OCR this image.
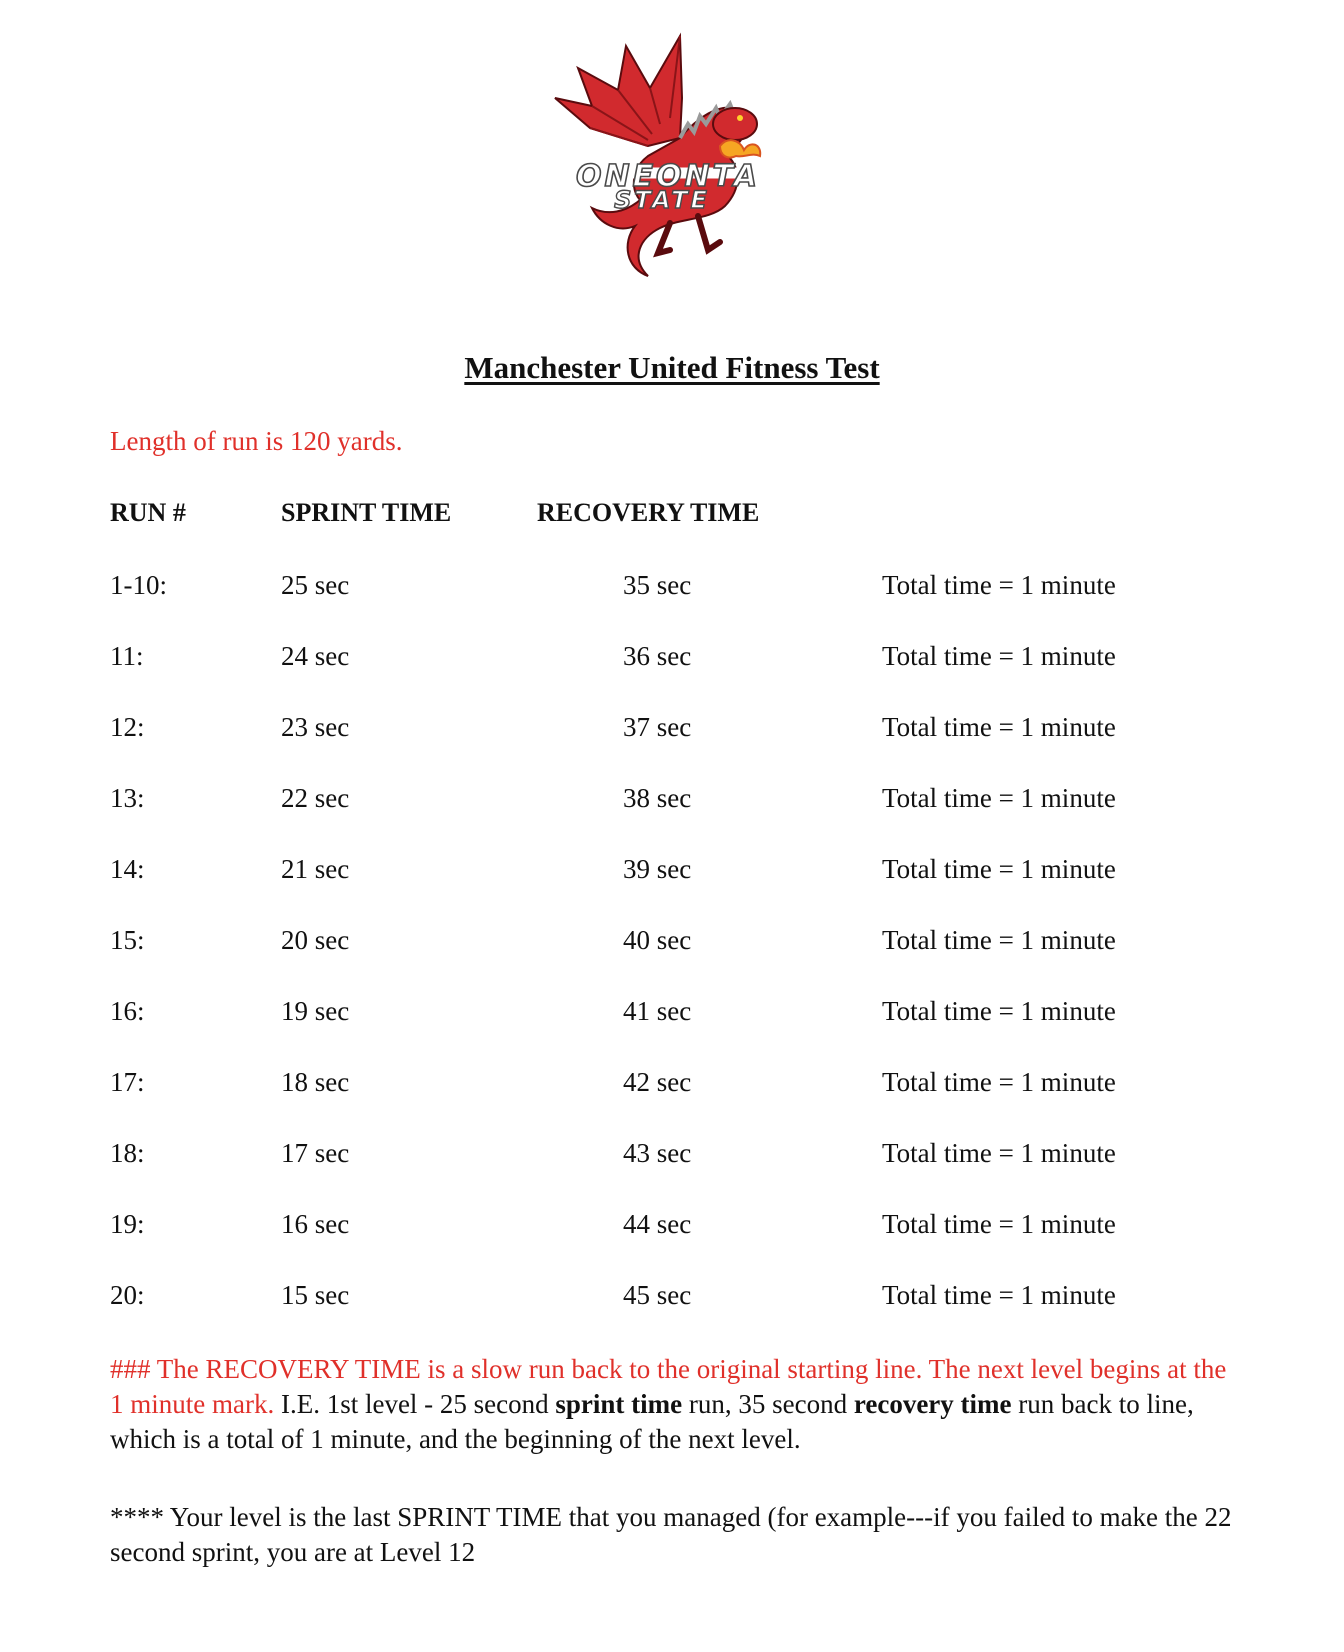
ONEONTA
STATE
Manchester United Fitness Test
Length of run is 120 yards.
RUN #	SPRINT TIME	RECOVERY TIME
1-10:	25 sec	35 sec	Total time = 1 minute
11:	24 sec	36 sec	Total time = 1 minute
12:	23 sec	37 sec	Total time = 1 minute
13:	22 sec	38 sec	Total time = 1 minute
14:	21 sec	39 sec	Total time = 1 minute
15:	20 sec	40 sec	Total time = 1 minute
16:	19 sec	41 sec	Total time = 1 minute
17:	18 sec	42 sec	Total time = 1 minute
18:	17 sec	43 sec	Total time = 1 minute
19:	16 sec	44 sec	Total time = 1 minute
20:	15 sec	45 sec	Total time = 1 minute
### The RECOVERY TIME is a slow run back to the original starting line. The next level begins at the 1 minute mark. I.E. 1st level - 25 second sprint time run, 35 second recovery time run back to line, which is a total of 1 minute, and the beginning of the next level.
**** Your level is the last SPRINT TIME that you managed (for example---if you failed to make the 22 second sprint, you are at Level 12
